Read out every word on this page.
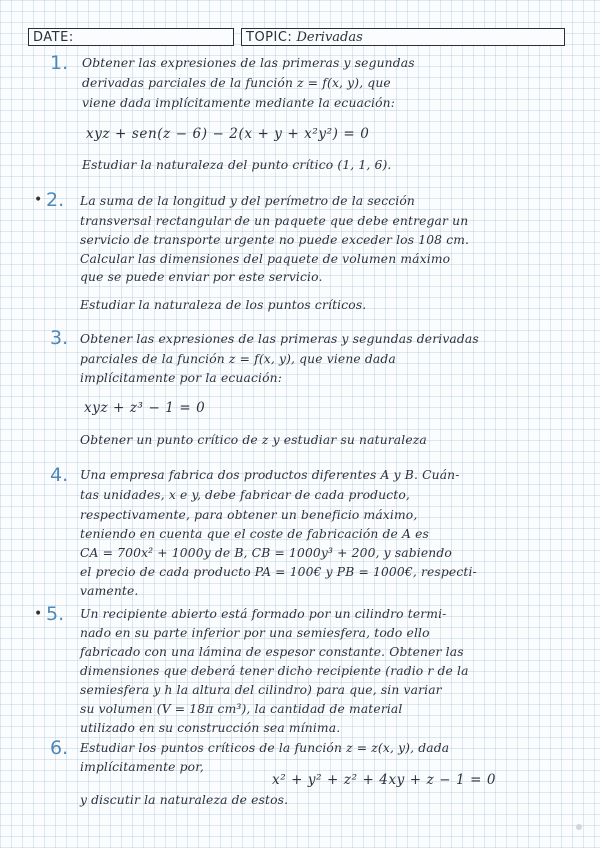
DATE:	TOPIC: Derivadas
1. Obtener las expresiones de las primeras y segundas
derivadas parciales de la función z = f(x, y), que
viene dada implícitamente mediante la ecuación:
xyz + sen(z − 6) − 2(x + y + x²y²) = 0
Estudiar la naturaleza del punto crítico (1, 1, 6).
• 2. La suma de la longitud y del perímetro de la sección
transversal rectangular de un paquete que debe entregar un
servicio de transporte urgente no puede exceder los 108 cm.
Calcular las dimensiones del paquete de volumen máximo
que se puede enviar por este servicio.
Estudiar la naturaleza de los puntos críticos.
3. Obtener las expresiones de las primeras y segundas derivadas
parciales de la función z = f(x, y), que viene dada
implícitamente por la ecuación:
xyz + z³ − 1 = 0
Obtener un punto crítico de z y estudiar su naturaleza
4. Una empresa fabrica dos productos diferentes A y B. Cuán-
tas unidades, x e y, debe fabricar de cada producto,
respectivamente, para obtener un beneficio máximo,
teniendo en cuenta que el coste de fabricación de A es
CA = 700x² + 1000y de B, CB = 1000y³ + 200, y sabiendo
el precio de cada producto PA = 100€ y PB = 1000€, respecti-
vamente.
• 5. Un recipiente abierto está formado por un cilindro termi-
nado en su parte inferior por una semiesfera, todo ello
fabricado con una lámina de espesor constante. Obtener las
dimensiones que deberá tener dicho recipiente (radio r de la
semiesfera y h la altura del cilindro) para que, sin variar
su volumen (V = 18π cm³), la cantidad de material
utilizado en su construcción sea mínima.
6. Estudiar los puntos críticos de la función z = z(x, y), dada
implícitamente por,
x² + y² + z² + 4xy + z − 1 = 0
y discutir la naturaleza de estos.
